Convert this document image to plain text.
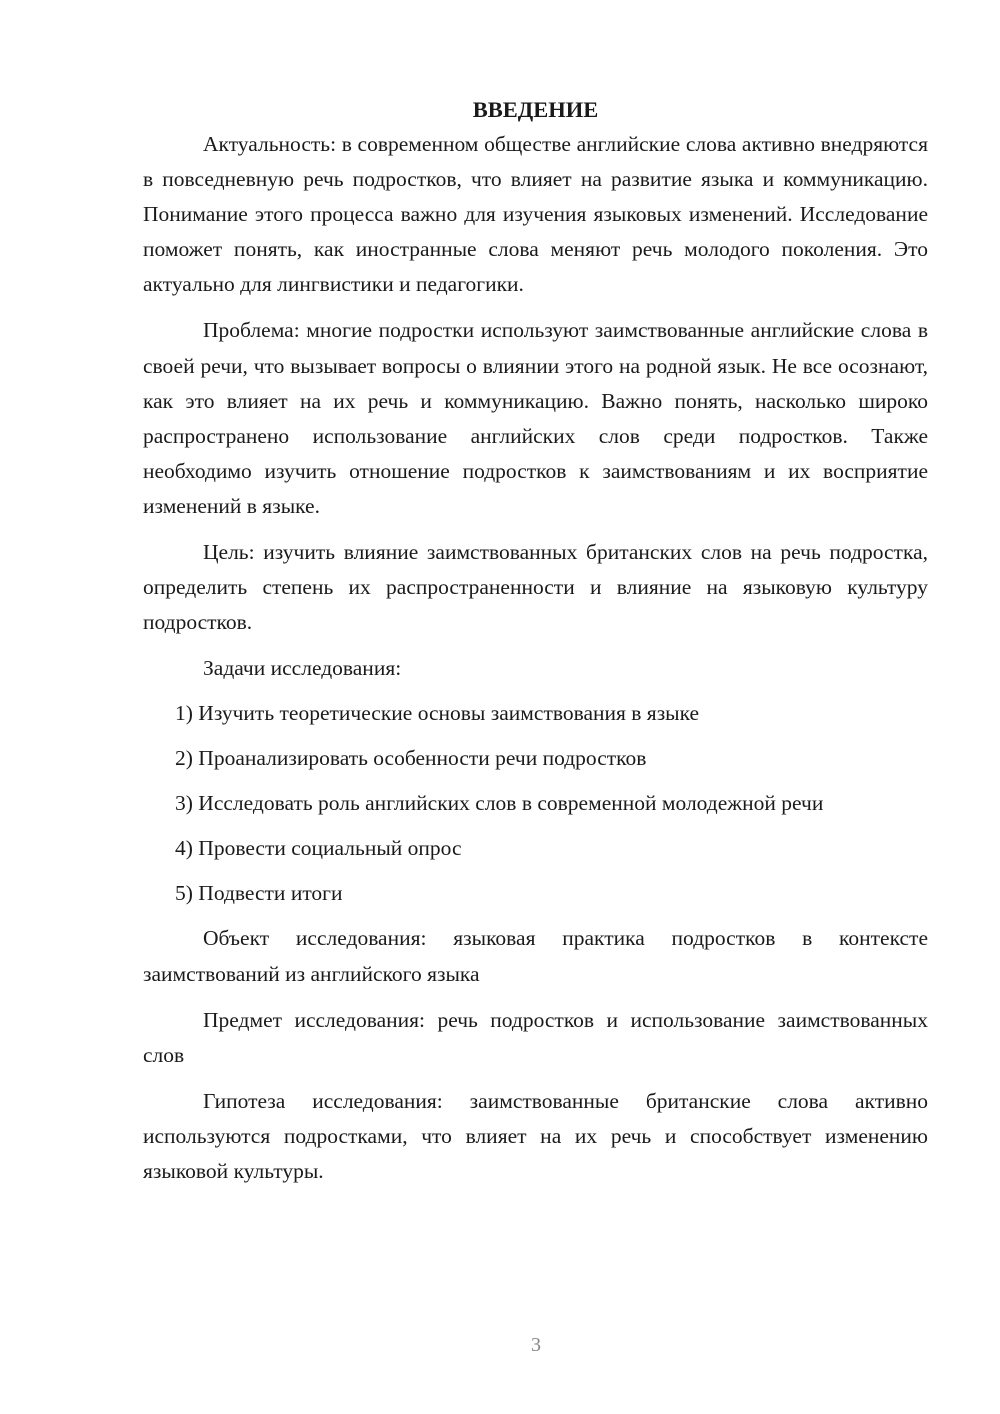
ВВЕДЕНИЕ

Актуальность: в современном обществе английские слова активно внедряются в повседневную речь подростков, что влияет на развитие языка и коммуникацию. Понимание этого процесса важно для изучения языковых изменений. Исследование поможет понять, как иностранные слова меняют речь молодого поколения. Это актуально для лингвистики и педагогики.

Проблема: многие подростки используют заимствованные английские слова в своей речи, что вызывает вопросы о влиянии этого на родной язык. Не все осознают, как это влияет на их речь и коммуникацию. Важно понять, насколько широко распространено использование английских слов среди подростков. Также необходимо изучить отношение подростков к заимствованиям и их восприятие изменений в языке.

Цель: изучить влияние заимствованных британских слов на речь подростка, определить степень их распространенности и влияние на языковую культуру подростков.

Задачи исследования:

1) Изучить теоретические основы заимствования в языке
2) Проанализировать особенности речи подростков
3) Исследовать роль английских слов в современной молодежной речи
4) Провести социальный опрос
5) Подвести итоги

Объект исследования: языковая практика подростков в контексте заимствований из английского языка

Предмет исследования: речь подростков и использование заимствованных слов

Гипотеза исследования: заимствованные британские слова активно используются подростками, что влияет на их речь и способствует изменению языковой культуры.

3
